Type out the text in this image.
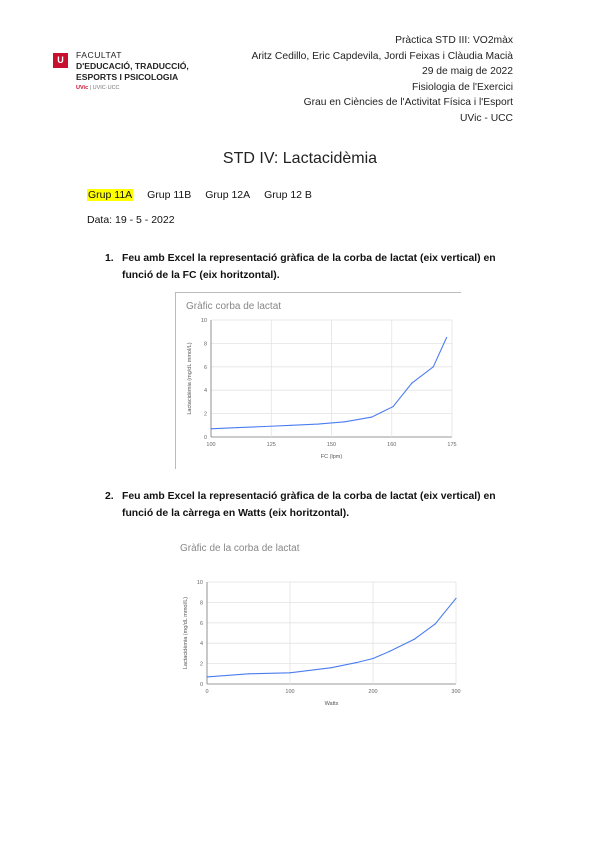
U	FACULTAT
D'EDUCACIÓ, TRADUCCIÓ,
ESPORTS I PSICOLOGIA
UVic | UVIC·UCC
Pràctica STD III: VO2màx
Aritz Cedillo, Eric Capdevila, Jordi Feixas i Clàudia Macià
29 de maig de 2022
Fisiologia de l'Exercici
Grau en Ciències de l'Activitat Física i l'Esport
UVic - UCC
STD IV: Lactacidèmia
Grup 11A Grup 11B Grup 12A Grup 12 B
Data: 19 - 5 - 2022
1. Feu amb Excel la representació gràfica de la corba de lactat (eix vertical) en funció de la FC (eix horitzontal).
Gràfic corba de lactat
0
2
4
6
8
10
100	125	150	160	175
FC (lpm)
Lactacidèmia (mg/dL mmol/L)
2. Feu amb Excel la representació gràfica de la corba de lactat (eix vertical) en funció de la càrrega en Watts (eix horitzontal).
Gràfic de la corba de lactat
0
2
4
6
8
10
0	100	200	300
Watts
Lactacidèmia (mg/dL mmol/L)
